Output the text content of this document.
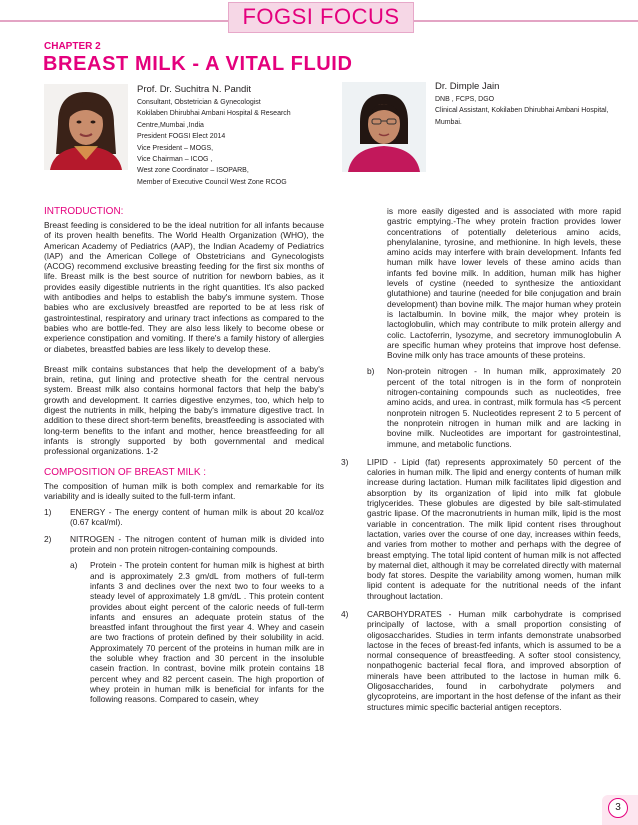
FOGSI FOCUS
CHAPTER 2
BREAST MILK - A VITAL FLUID
Prof. Dr. Suchitra N. Pandit
Consultant, Obstetrician & Gynecologist
Kokilaben Dhirubhai Ambani Hospital & Research Centre,Mumbai ,India
President FOGSI Elect 2014
Vice President – MOGS,
Vice Chairman – ICOG ,
West zone Coordinator – ISOPARB,
Member of Executive Council West Zone RCOG
Dr. Dimple Jain
DNB , FCPS, DGO
Clinical Assistant, Kokilaben Dhirubhai Ambani Hospital, Mumbai.
INTRODUCTION:
Breast feeding is considered to be the ideal nutrition for all infants because of its proven health benefits. The World Health Organization (WHO), the American Academy of Pediatrics (AAP), the Indian Academy of Pediatrics (IAP) and the American College of Obstetricians and Gynecologists (ACOG) recommend exclusive breasting feeding for the first six months of life. Breast milk is the best source of nutrition for newborn babies, as it provides easily digestible nutrients in the right quantities. It's also packed with antibodies and helps to establish the baby's immune system. Those babies who are exclusively breastfed are reported to be at less risk of gastrointestinal, respiratory and urinary tract infections as compared to the babies who are bottle-fed. They are also less likely to become obese or experience constipation and vomiting. If there's a family history of allergies or diabetes, breastfed babies are less likely to develop these.
Breast milk contains substances that help the development of a baby's brain, retina, gut lining and protective sheath for the central nervous system. Breast milk also contains hormonal factors that help the baby's growth and development. It carries digestive enzymes, too, which help to digest the nutrients in milk, helping the baby's immature digestive tract. In addition to these direct short-term benefits, breastfeeding is associated with long-term benefits to the infant and mother, hence breastfeeding for all infants is strongly supported by both governmental and medical professional organizations. 1-2
COMPOSITION OF BREAST MILK :
The composition of human milk is both complex and remarkable for its variability and is ideally suited to the full-term infant.
1)	ENERGY - The energy content of human milk is about 20 kcal/oz (0.67 kcal/ml).
2)	NITROGEN - The nitrogen content of human milk is divided into protein and non protein nitrogen-containing compounds.
a)	Protein - The protein content for human milk is highest at birth and is approximately 2.3 gm/dL from mothers of full-term infants 3 and declines over the next two to four weeks to a steady level of approximately 1.8 gm/dL . This protein content provides about eight percent of the caloric needs of full-term infants and ensures an adequate protein status of the breastfed infant throughout the first year 4. Whey and casein are two fractions of protein defined by their solubility in acid. Approximately 70 percent of the proteins in human milk are in the soluble whey fraction and 30 percent in the insoluble casein fraction. In contrast, bovine milk protein contains 18 percent whey and 82 percent casein. The high proportion of whey protein in human milk is beneficial for infants for the following reasons. Compared to casein, whey
is more easily digested and is associated with more rapid gastric emptying.-The whey protein fraction provides lower concentrations of potentially deleterious amino acids, phenylalanine, tyrosine, and methionine. In high levels, these amino acids may interfere with brain development. Infants fed human milk have lower levels of these amino acids than infants fed bovine milk. In addition, human milk has higher levels of cystine (needed to synthesize the antioxidant glutathione) and taurine (needed for bile conjugation and brain development) than bovine milk. The major human whey protein is lactalbumin. In bovine milk, the major whey protein is lactoglobulin, which may contribute to milk protein allergy and colic. Lactoferrin, lysozyme, and secretory immunoglobulin A are specific human whey proteins that improve host defense. Bovine milk only has trace amounts of these proteins.
b)	Non-protein nitrogen - In human milk, approximately 20 percent of the total nitrogen is in the form of nonprotein nitrogen-containing compounds such as nucleotides, free amino acids, and urea. in contrast, milk formula has <5 percent nonprotein nitrogen 5. Nucleotides represent 2 to 5 percent of the nonprotein nitrogen in human milk and are lacking in bovine milk. Nucleotides are important for gastrointestinal, immune, and metabolic functions.
3)	LIPID - Lipid (fat) represents approximately 50 percent of the calories in human milk. The lipid and energy contents of human milk increase during lactation. Human milk facilitates lipid digestion and absorption by its organization of lipid into milk fat globule triglycerides. These globules are digested by bile salt-stimulated gastric lipase. Of the macronutrients in human milk, lipid is the most variable in concentration. The milk lipid content rises throughout lactation, varies over the course of one day, increases within feeds, and varies from mother to mother and perhaps with the degree of breast emptying. The total lipid content of human milk is not affected by maternal diet, although it may be correlated directly with maternal body fat stores. Despite the variability among women, human milk lipid content is adequate for the nutritional needs of the infant throughout lactation.
4)	CARBOHYDRATES - Human milk carbohydrate is comprised principally of lactose, with a small proportion consisting of oligosaccharides. Studies in term infants demonstrate unabsorbed lactose in the feces of breast-fed infants, which is assumed to be a normal consequence of breastfeeding. A softer stool consistency, nonpathogenic bacterial fecal flora, and improved absorption of minerals have been attributed to the lactose in human milk 6. Oligosaccharides, found in carbohydrate polymers and glycoproteins, are important in the host defense of the infant as their structures mimic specific bacterial antigen receptors.
3
